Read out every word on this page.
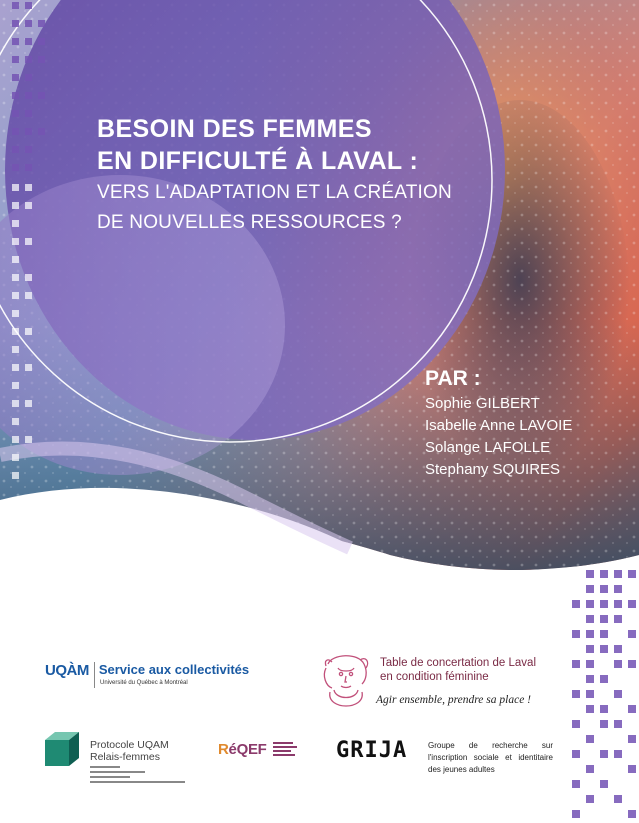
BESOIN DES FEMMES
EN DIFFICULTÉ À LAVAL :
VERS L'ADAPTATION ET LA CRÉATION
DE NOUVELLES RESSOURCES ?
PAR :
Sophie GILBERT
Isabelle Anne LAVOIE
Solange LAFOLLE
Stephany SQUIRES
UQÀM $^{Service aux collectivités}$
Université du Québec à Montréal
Table de concertation de Laval
en condition féminine
Agir ensemble, prendre sa place !
Protocole UQAM
Relais-femmes	RéQEF	GRIJA	Groupe de recherche sur l'inscription sociale et identitaire des jeunes adultes
